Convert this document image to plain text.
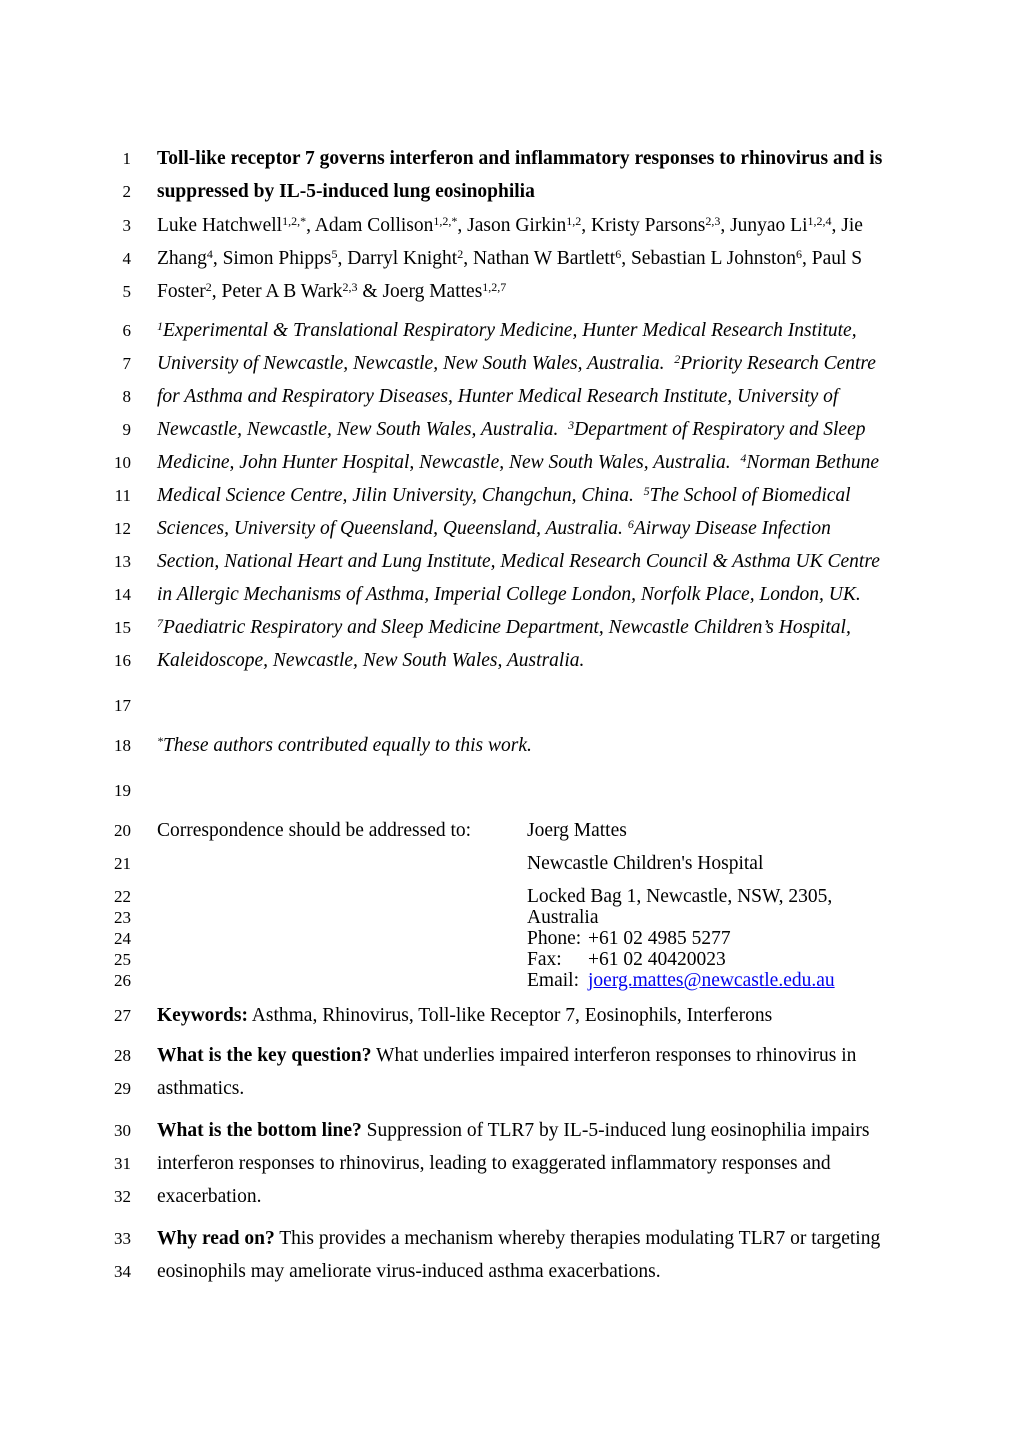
1 Toll-like receptor 7 governs interferon and inflammatory responses to rhinovirus and is
2 suppressed by IL-5-induced lung eosinophilia
3 Luke Hatchwell$^{1,2,*}$, Adam Collison$^{1,2,*}$, Jason Girkin$^{1,2}$, Kristy Parsons$^{2,3}$, Junyao Li$^{1,2,4}$, Jie
4 Zhang$^4$, Simon Phipps$^5$, Darryl Knight$^2$, Nathan W Bartlett$^6$, Sebastian L Johnston$^6$, Paul S
5 Foster$^2$, Peter A B Wark$^{2,3}$ & Joerg Mattes$^{1,2,7}$
6 $^1$Experimental & Translational Respiratory Medicine, Hunter Medical Research Institute,
7 University of Newcastle, Newcastle, New South Wales, Australia.  $^2$Priority Research Centre
8 for Asthma and Respiratory Diseases, Hunter Medical Research Institute, University of
9 Newcastle, Newcastle, New South Wales, Australia.  $^3$Department of Respiratory and Sleep
10 Medicine, John Hunter Hospital, Newcastle, New South Wales, Australia.  $^4$Norman Bethune
11 Medical Science Centre, Jilin University, Changchun, China.  $^5$The School of Biomedical
12 Sciences, University of Queensland, Queensland, Australia. $^6$Airway Disease Infection
13 Section, National Heart and Lung Institute, Medical Research Council & Asthma UK Centre
14 in Allergic Mechanisms of Asthma, Imperial College London, Norfolk Place, London, UK.
15 $^7$Paediatric Respiratory and Sleep Medicine Department, Newcastle Children’s Hospital,
16 Kaleidoscope, Newcastle, New South Wales, Australia.
17
18 *These authors contributed equally to this work.
19
20 Correspondence should be addressed to:	Joerg Mattes
21	Newcastle Children's Hospital
22	Locked Bag 1, Newcastle, NSW, 2305,
23	Australia
24	Phone: +61 02 4985 5277
25	Fax: +61 02 40420023
26	Email: joerg.mattes@newcastle.edu.au
27 Keywords: Asthma, Rhinovirus, Toll-like Receptor 7, Eosinophils, Interferons
28 What is the key question? What underlies impaired interferon responses to rhinovirus in
29 asthmatics.
30 What is the bottom line? Suppression of TLR7 by IL-5-induced lung eosinophilia impairs
31 interferon responses to rhinovirus, leading to exaggerated inflammatory responses and
32 exacerbation.
33 Why read on? This provides a mechanism whereby therapies modulating TLR7 or targeting
34 eosinophils may ameliorate virus-induced asthma exacerbations.
